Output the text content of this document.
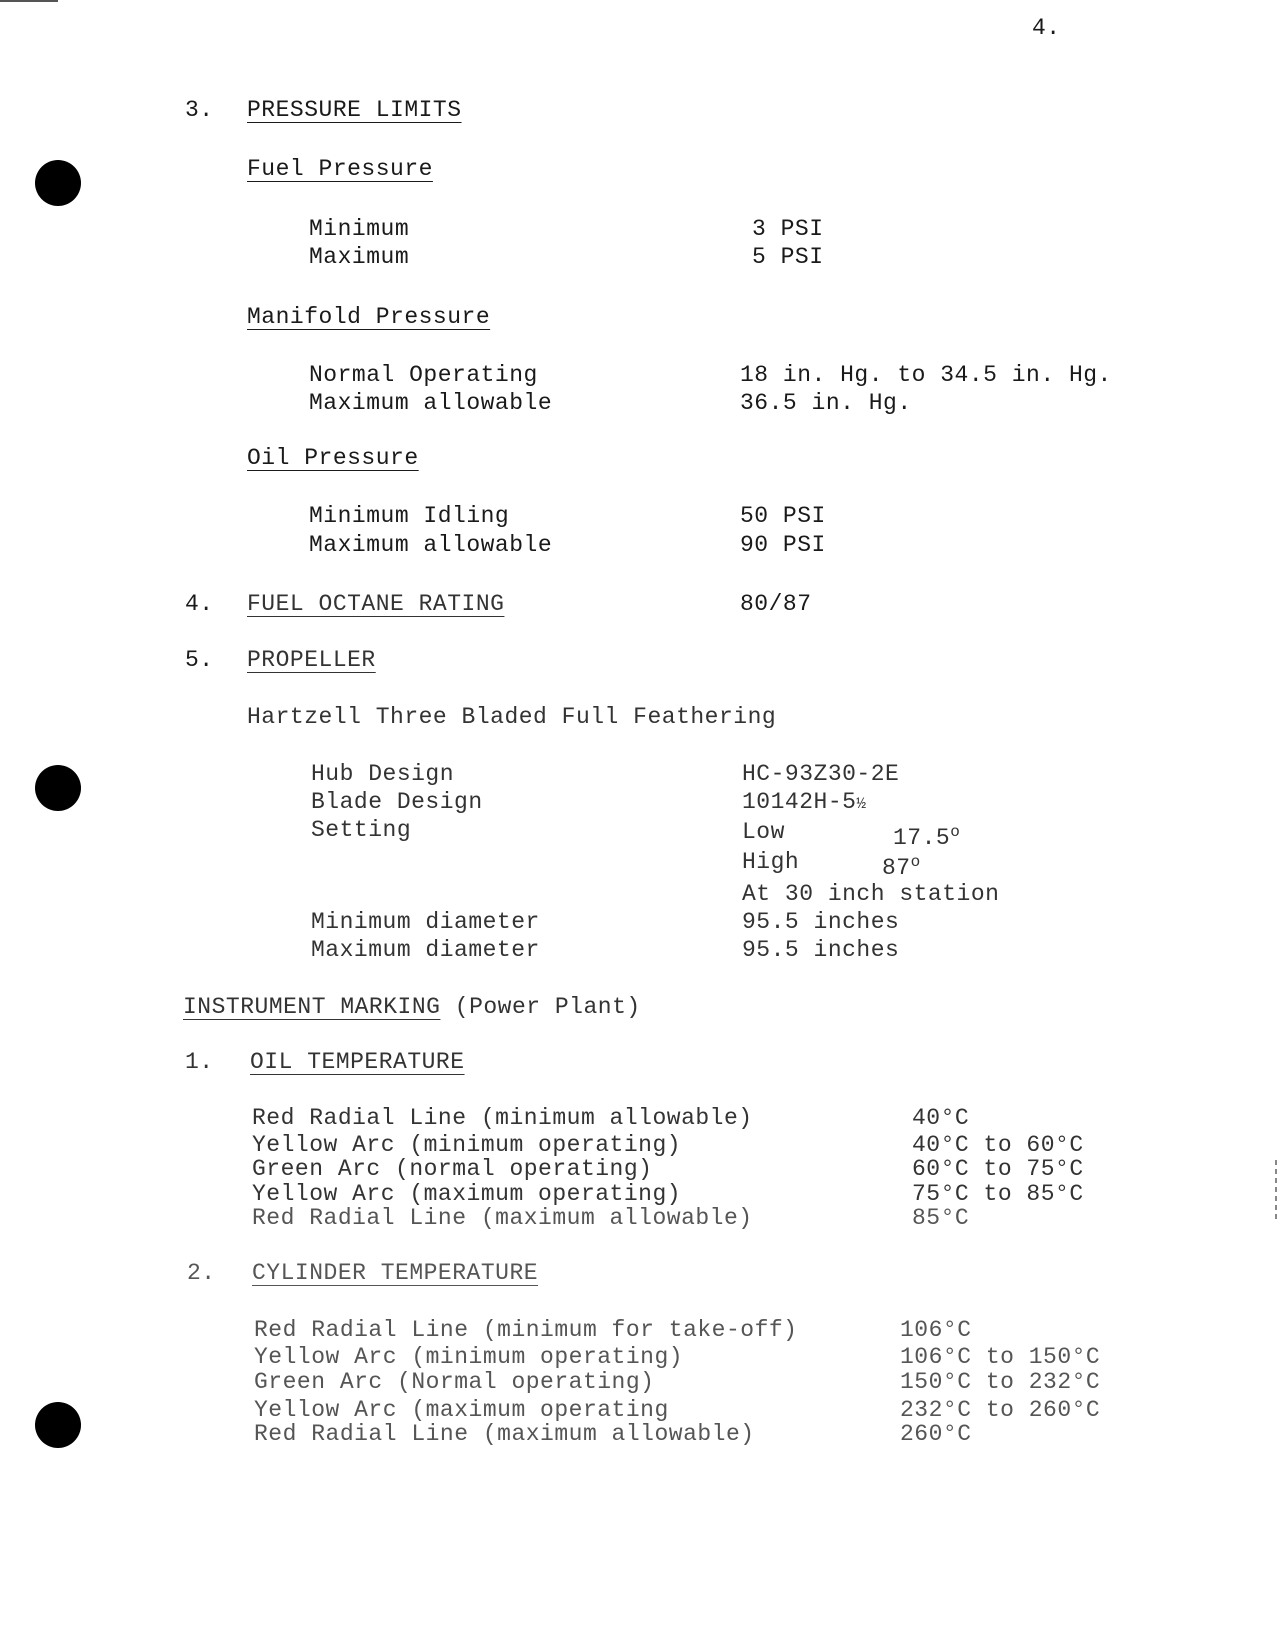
4.
3. PRESSURE LIMITS
Fuel Pressure
Minimum	3 PSI
Maximum	5 PSI
Manifold Pressure
Normal Operating	18 in. Hg. to 34.5 in. Hg.
Maximum allowable	36.5 in. Hg.
Oil Pressure
Minimum Idling	50 PSI
Maximum allowable	90 PSI
4. FUEL OCTANE RATING	80/87
5. PROPELLER
Hartzell Three Bladed Full Feathering
Hub Design	HC-93Z30-2E
Blade Design	10142H-5½
Setting	Low	17.5$^o$
High	87$^o$
At 30 inch station
Minimum diameter	95.5 inches
Maximum diameter	95.5 inches
INSTRUMENT MARKING (Power Plant)
1. OIL TEMPERATURE
Red Radial Line (minimum allowable)	40°C
Yellow Arc (minimum operating)	40°C to 60°C
Green Arc (normal operating)	60°C to 75°C
Yellow Arc (maximum operating)	75°C to 85°C
Red Radial Line (maximum allowable)	85°C
2. CYLINDER TEMPERATURE
Red Radial Line (minimum for take-off)	106°C
Yellow Arc (minimum operating)	106°C to 150°C
Green Arc (Normal operating)	150°C to 232°C
Yellow Arc (maximum operating	232°C to 260°C
Red Radial Line (maximum allowable)	260°C
